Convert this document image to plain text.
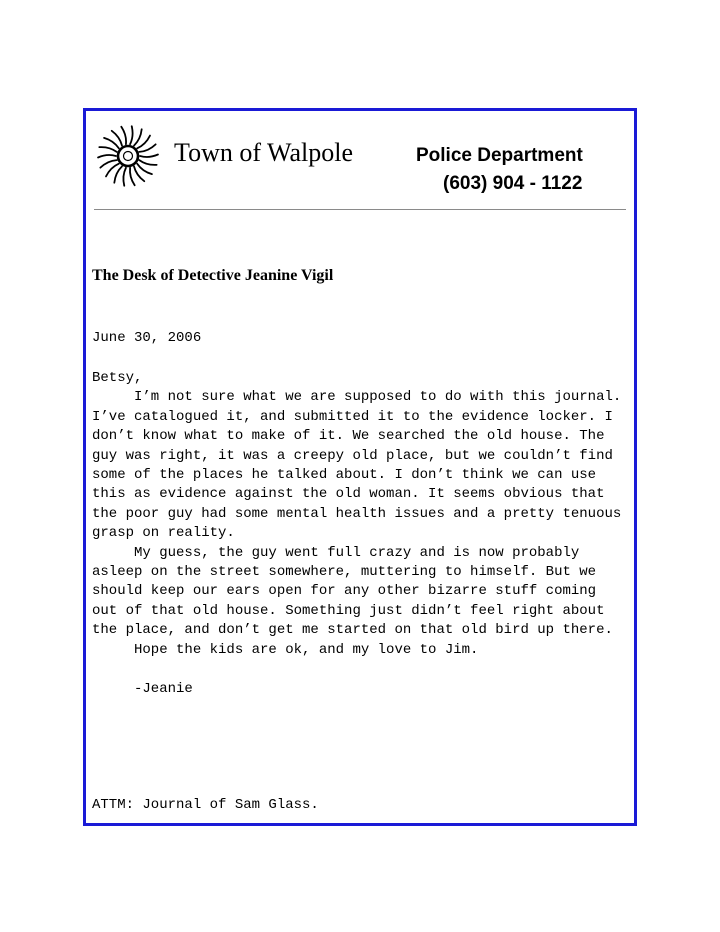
Town of Walpole	Police Department
(603) 904 - 1122
The Desk of Detective Jeanine Vigil
June 30, 2006
Betsy,
I’m not sure what we are supposed to do with this journal.
I’ve catalogued it, and submitted it to the evidence locker. I
don’t know what to make of it. We searched the old house. The
guy was right, it was a creepy old place, but we couldn’t find
some of the places he talked about. I don’t think we can use
this as evidence against the old woman. It seems obvious that
the poor guy had some mental health issues and a pretty tenuous
grasp on reality.
My guess, the guy went full crazy and is now probably
asleep on the street somewhere, muttering to himself. But we
should keep our ears open for any other bizarre stuff coming
out of that old house. Something just didn’t feel right about
the place, and don’t get me started on that old bird up there.
Hope the kids are ok, and my love to Jim.
-Jeanie
ATTM: Journal of Sam Glass.
